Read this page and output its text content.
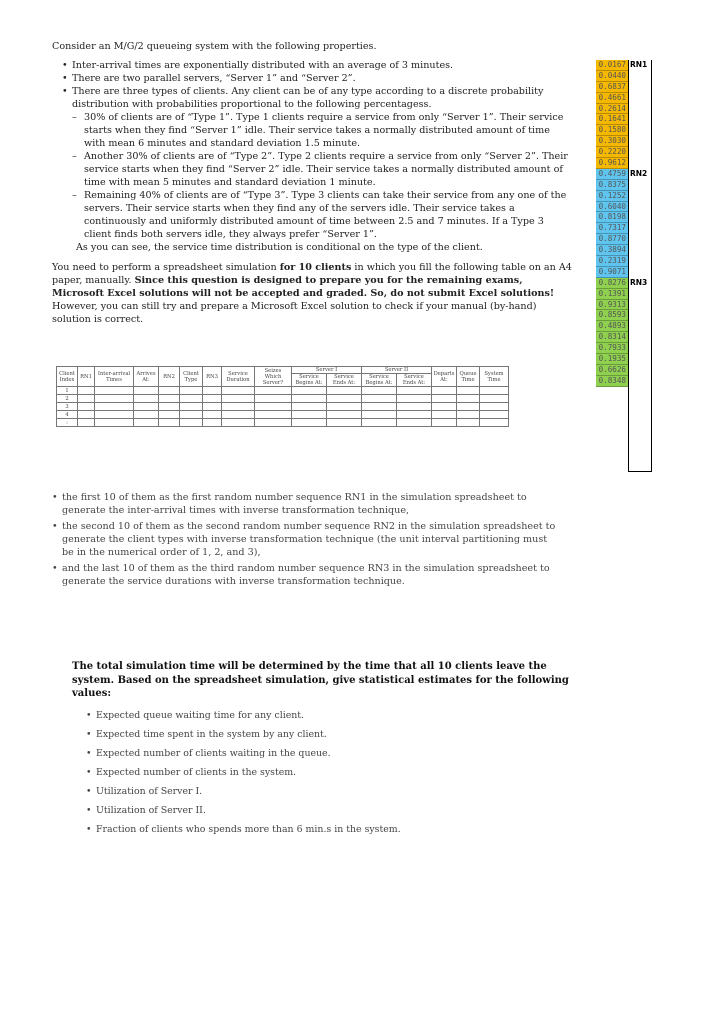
Consider an M/G/2 queueing system with the following properties.
• Inter-arrival times are exponentially distributed with an average of 3 minutes.
• There are two parallel servers, “Server 1” and “Server 2”.
• There are three types of clients. Any client can be of any type according to a discrete probability distribution with probabilities proportional to the following percentagess.
– 30% of clients are of “Type 1”. Type 1 clients require a service from only “Server 1”. Their service starts when they find “Server 1” idle. Their service takes a normally distributed amount of time with mean 6 minutes and standard deviation 1.5 minute.
– Another 30% of clients are of “Type 2”. Type 2 clients require a service from only “Server 2”. Their service starts when they find “Server 2” idle. Their service takes a normally distributed amount of time with mean 5 minutes and standard deviation 1 minute.
– Remaining 40% of clients are of “Type 3”. Type 3 clients can take their service from any one of the servers. Their service starts when they find any of the servers idle. Their service takes a continuously and uniformly distributed amount of time between 2.5 and 7 minutes. If a Type 3 client finds both servers idle, they always prefer “Server 1”.
As you can see, the service time distribution is conditional on the type of the client.
You need to perform a spreadsheet simulation for 10 clients in which you fill the following table on an A4 paper, manually. Since this question is designed to prepare you for the remaining exams, Microsoft Excel solutions will not be accepted and graded. So, do not submit Excel solutions! However, you can still try and prepare a Microsoft Excel solution to check if your manual (by-hand) solution is correct.
0.0167 RN1
0.0440
0.6837
0.4661
0.2614
0.1641
0.1580
0.3030
0.2220
0.9612
0.4759 RN2
0.8375
0.1252
0.6040
0.8198
0.7317
0.8770
0.3894
0.2319
0.9071
0.8276 RN3
0.1391
0.9313
0.8593
0.4893
0.8314
0.7933
0.1935
0.6626
0.8348
Client Index	RN1	Inter-arrival Times	Arrives At:	RN2	Client Type	RN3	Service Duration	Seizes Which Server?	Server I		Server II		Departs At:	Queue Time	System Time
									Service Begins At:	Service Ends At:	Service Begins At:	Service Ends At:			
1															
2															
3															
4															
:															
• the first 10 of them as the first random number sequence RN1 in the simulation spreadsheet to generate the inter-arrival times with inverse transformation technique,
• the second 10 of them as the second random number sequence RN2 in the simulation spreadsheet to generate the client types with inverse transformation technique (the unit interval partitioning must be in the numerical order of 1, 2, and 3),
• and the last 10 of them as the third random number sequence RN3 in the simulation spreadsheet to generate the service durations with inverse transformation technique.
The total simulation time will be determined by the time that all 10 clients leave the system. Based on the spreadsheet simulation, give statistical estimates for the following values:
• Expected queue waiting time for any client.
• Expected time spent in the system by any client.
• Expected number of clients waiting in the queue.
• Expected number of clients in the system.
• Utilization of Server I.
• Utilization of Server II.
• Fraction of clients who spends more than 6 min.s in the system.
